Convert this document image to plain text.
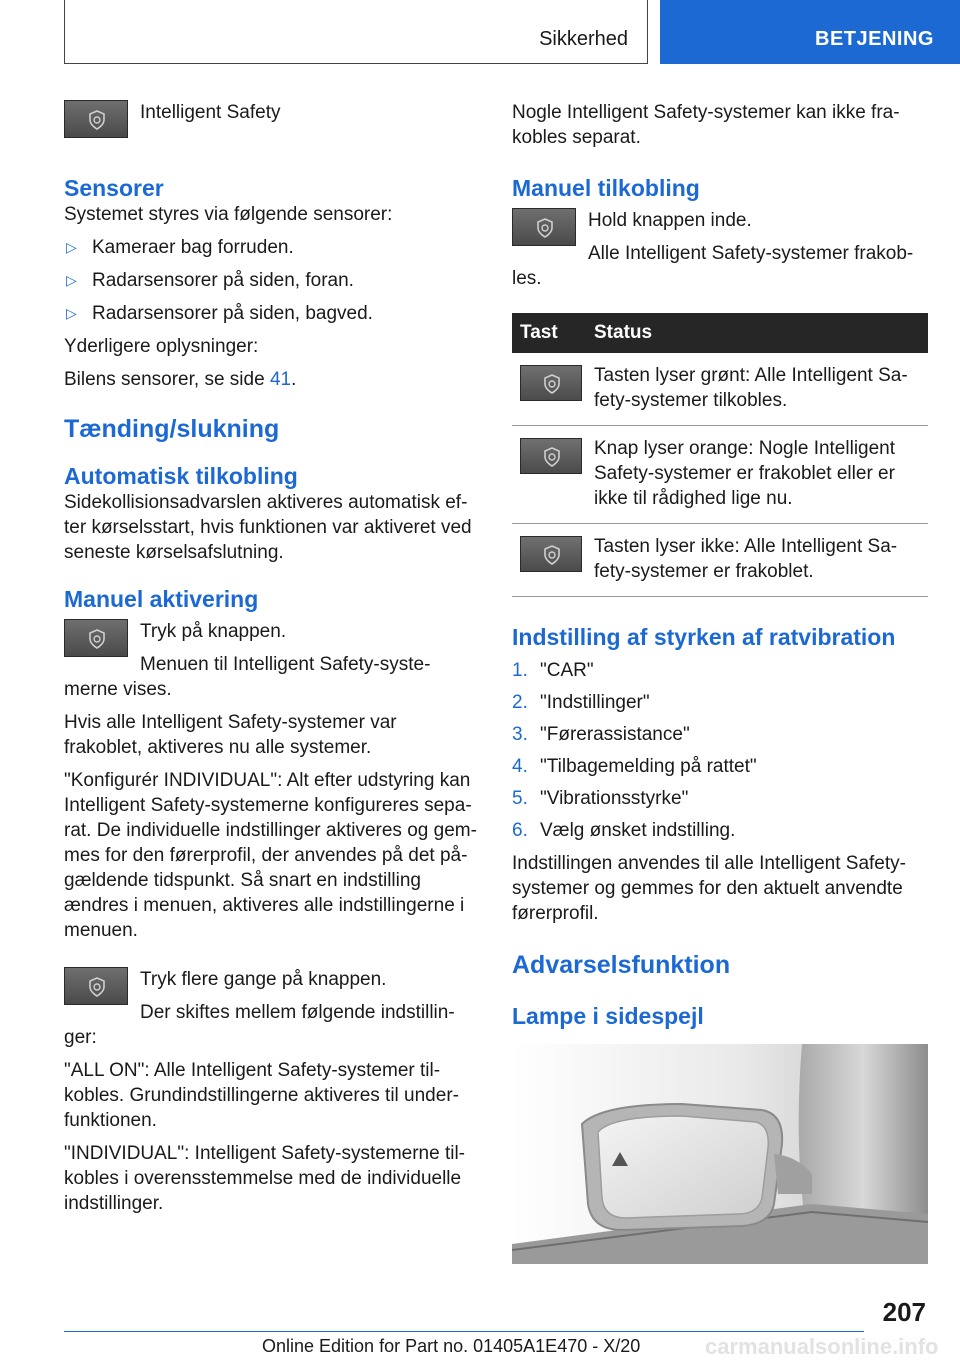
Sikkerhed	BETJENING

Intelligent Safety

Sensorer

Systemet styres via følgende sensorer:

▷ Kameraer bag forruden.
▷ Radarsensorer på siden, foran.
▷ Radarsensorer på siden, bagved.

Yderligere oplysninger:

Bilens sensorer, se side 41.

Tænding/slukning
Automatisk tilkobling

Sidekollisionsadvarslen aktiveres automatisk ef-ter kørselsstart, hvis funktionen var aktiveret ved seneste kørselsafslutning.

Manuel aktivering

Tryk på knappen.

Menuen til Intelligent Safety-syste-merne vises.

Hvis alle Intelligent Safety-systemer var frakoblet, aktiveres nu alle systemer.

"Konfigurér INDIVIDUAL": Alt efter udstyring kan Intelligent Safety-systemerne konfigureres sepa-rat. De individuelle indstillinger aktiveres og gem-mes for den førerprofil, der anvendes på det på-gældende tidspunkt. Så snart en indstilling ændres i menuen, aktiveres alle indstillingerne i menuen.

Tryk flere gange på knappen.

Der skiftes mellem følgende indstillin-ger:

"ALL ON": Alle Intelligent Safety-systemer til-kobles. Grundindstillingerne aktiveres til under-funktionen.

"INDIVIDUAL": Intelligent Safety-systemerne til-kobles i overensstemmelse med de individuelle indstillinger.

Nogle Intelligent Safety-systemer kan ikke fra-kobles separat.

Manuel tilkobling

Hold knappen inde.

Alle Intelligent Safety-systemer frakob-les.

Tast	Status

	Tasten lyser grønt: Alle Intelligent Sa-fety-systemer tilkobles.

	Knap lyser orange: Nogle Intelligent Safety-systemer er frakoblet eller er ikke til rådighed lige nu.

	Tasten lyser ikke: Alle Intelligent Sa-fety-systemer er frakoblet.
Indstilling af styrken af ratvibration
1. "CAR"
2. "Indstillinger"
3. "Førerassistance"
4. "Tilbagemelding på rattet"
5. "Vibrationsstyrke"
6. Vælg ønsket indstilling.

Indstillingen anvendes til alle Intelligent Safety-systemer og gemmes for den aktuelt anvendte førerprofil.

Advarselsfunktion
Lampe i sidespejl
207
carmanualsonline.info
Online Edition for Part no. 01405A1E470 - X/20
